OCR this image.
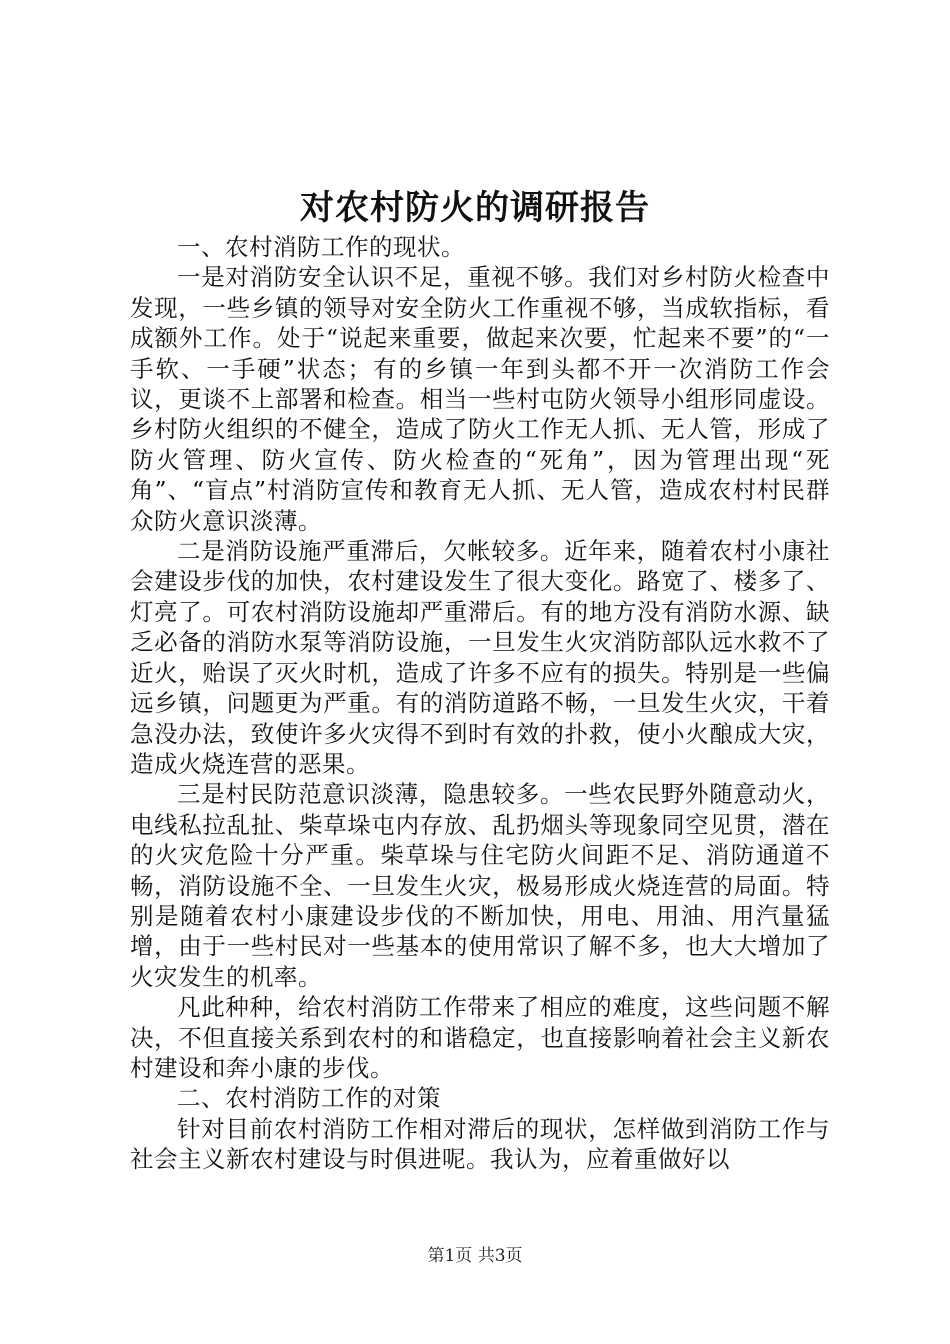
对农村防火的调研报告

一、农村消防工作的现状。

一是对消防安全认识不足，重视不够。我们对乡村防火检查中发现，一些乡镇的领导对安全防火工作重视不够，当成软指标，看成额外工作。处于“说起来重要，做起来次要，忙起来不要”的“一手软、一手硬”状态；有的乡镇一年到头都不开一次消防工作会议，更谈不上部署和检查。相当一些村屯防火领导小组形同虚设。乡村防火组织的不健全，造成了防火工作无人抓、无人管，形成了防火管理、防火宣传、防火检查的“死角”，因为管理出现“死角”、“盲点”村消防宣传和教育无人抓、无人管，造成农村村民群众防火意识淡薄。

二是消防设施严重滞后，欠帐较多。近年来，随着农村小康社会建设步伐的加快，农村建设发生了很大变化。路宽了、楼多了、灯亮了。可农村消防设施却严重滞后。有的地方没有消防水源、缺乏必备的消防水泵等消防设施，一旦发生火灾消防部队远水救不了近火，贻误了灭火时机，造成了许多不应有的损失。特别是一些偏远乡镇，问题更为严重。有的消防道路不畅，一旦发生火灾，干着急没办法，致使许多火灾得不到时有效的扑救，使小火酿成大灾，造成火烧连营的恶果。

三是村民防范意识淡薄，隐患较多。一些农民野外随意动火，电线私拉乱扯、柴草垛屯内存放、乱扔烟头等现象同空见贯，潜在的火灾危险十分严重。柴草垛与住宅防火间距不足、消防通道不畅，消防设施不全、一旦发生火灾，极易形成火烧连营的局面。特别是随着农村小康建设步伐的不断加快，用电、用油、用汽量猛增，由于一些村民对一些基本的使用常识了解不多，也大大增加了火灾发生的机率。

凡此种种，给农村消防工作带来了相应的难度，这些问题不解决，不但直接关系到农村的和谐稳定，也直接影响着社会主义新农村建设和奔小康的步伐。

二、农村消防工作的对策

针对目前农村消防工作相对滞后的现状，怎样做到消防工作与社会主义新农村建设与时俱进呢。我认为，应着重做好以

第1页 共3页
